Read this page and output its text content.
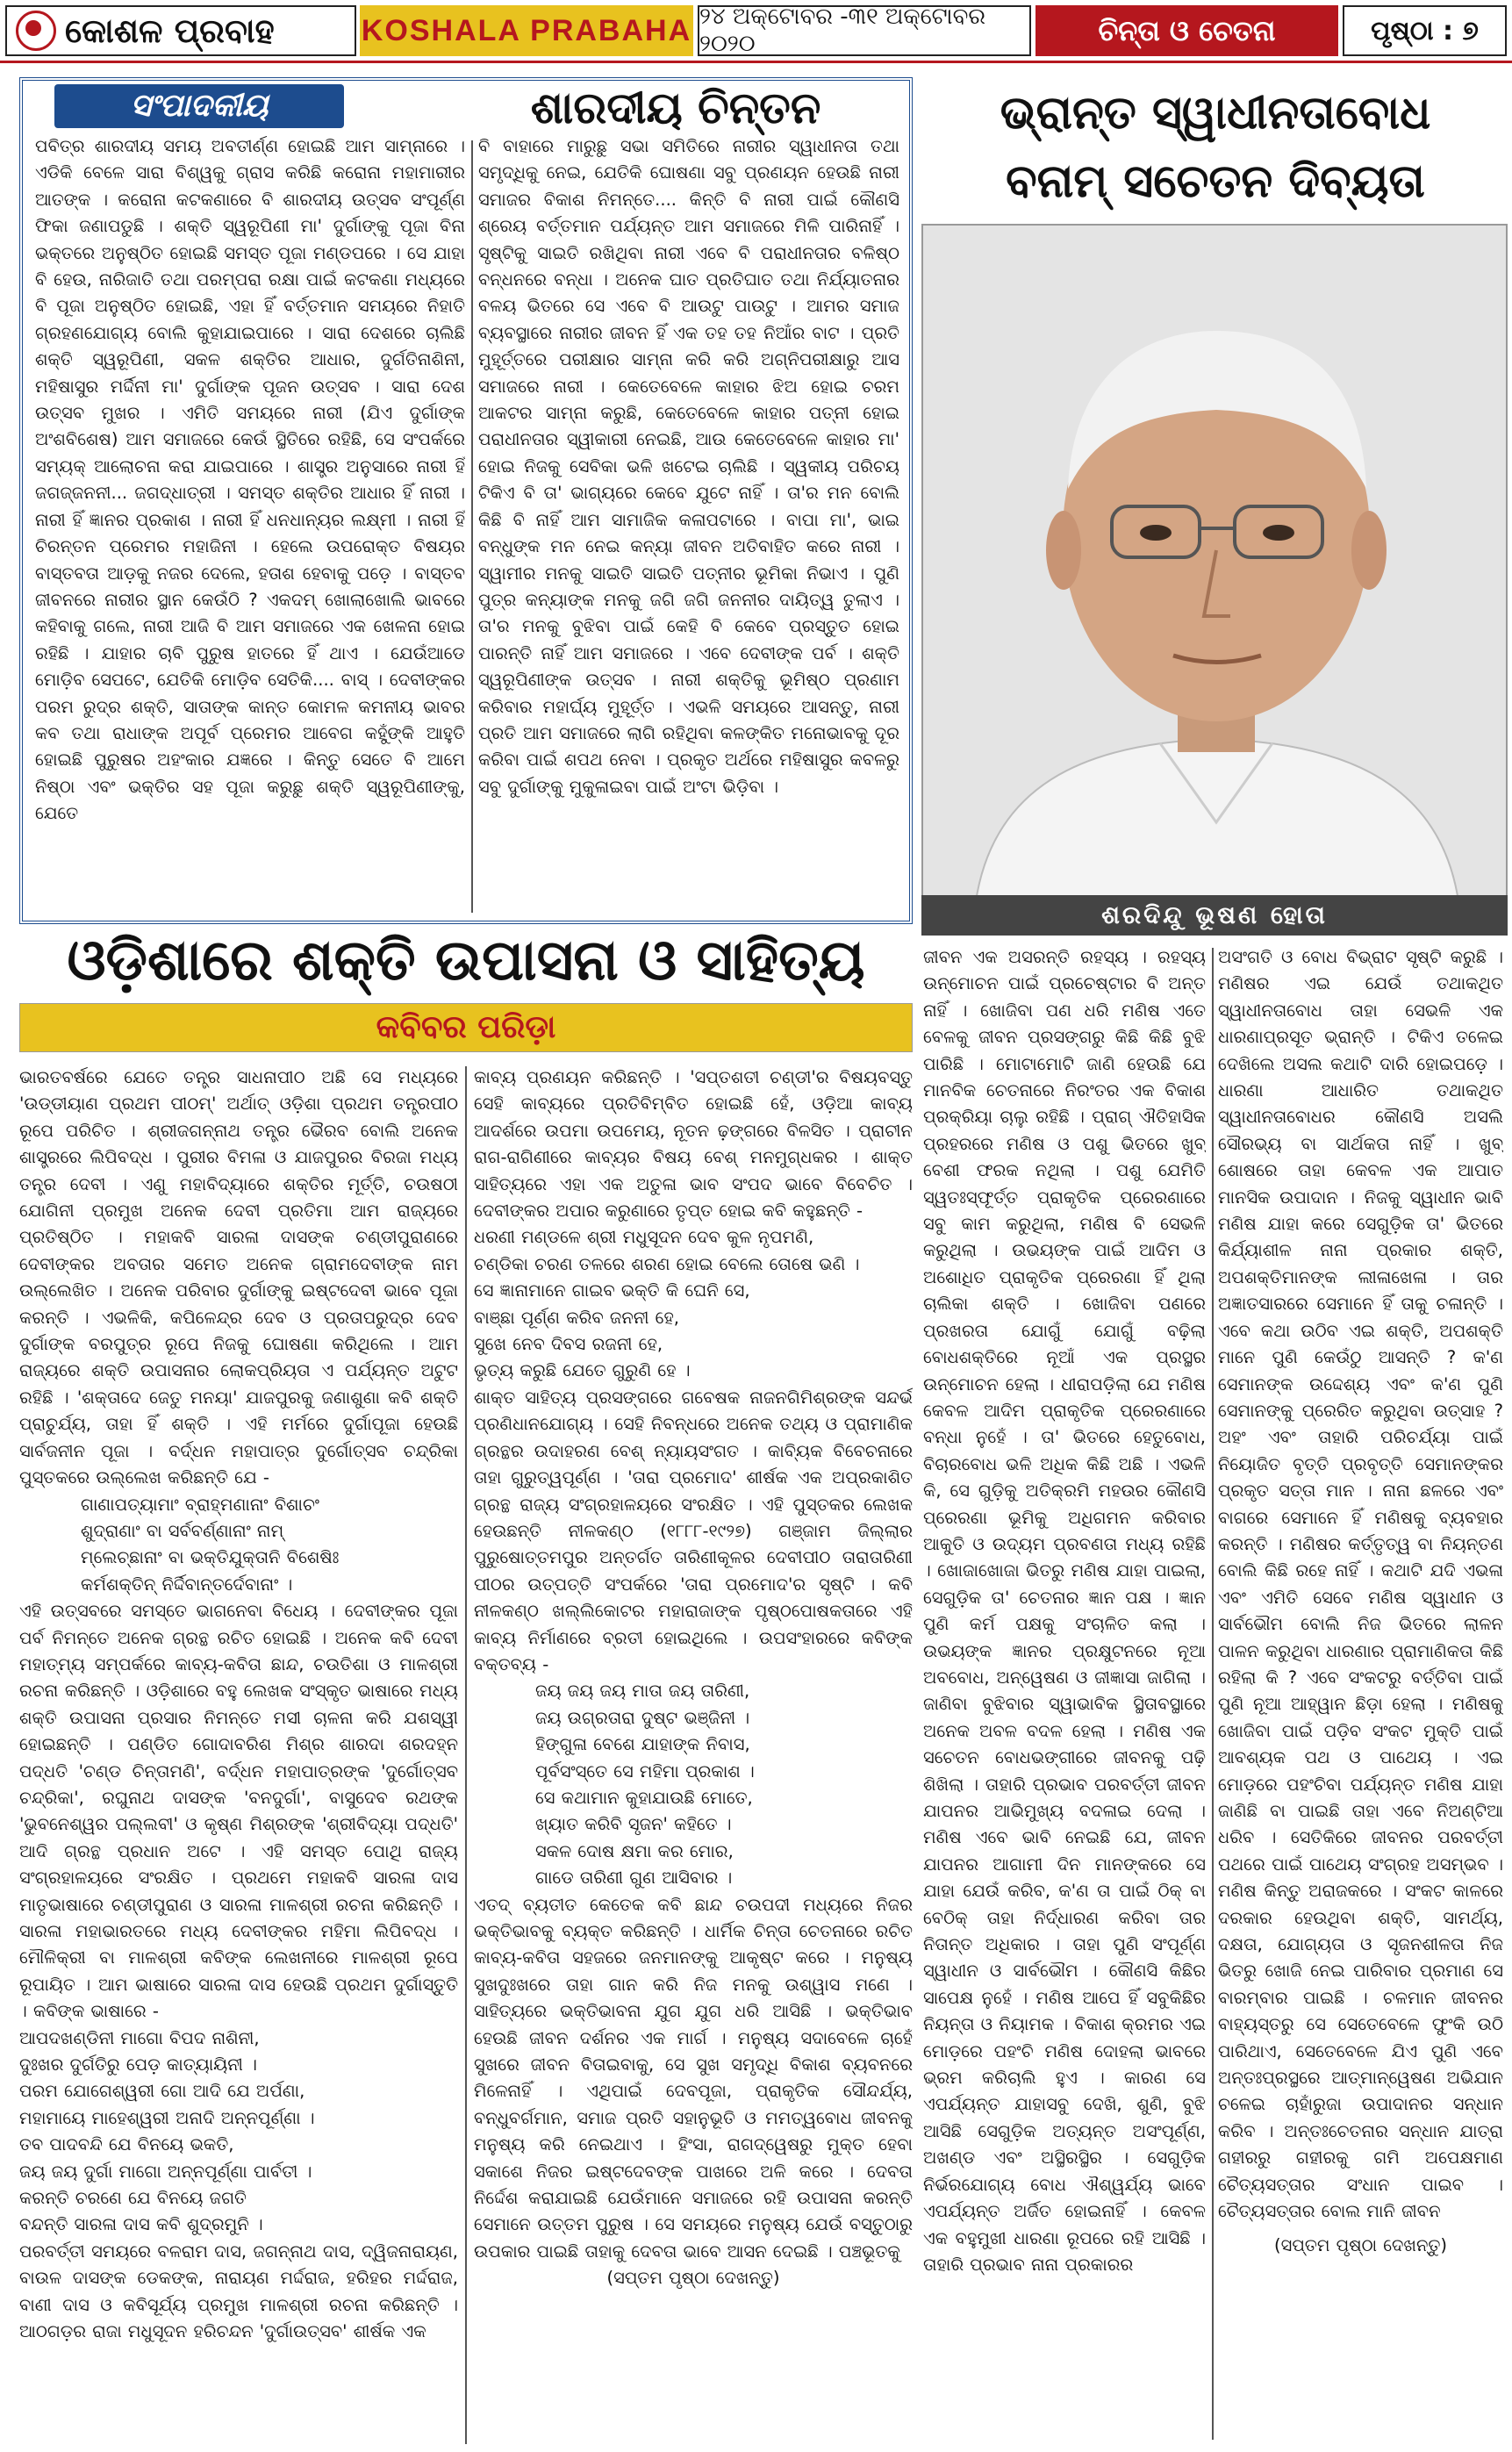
କୋଶଳ ପ୍ରବାହ	KOSHALA PRABAHA ୨୪ ଅକ୍ଟୋବର -୩୧ ଅକ୍ଟୋବର ୨୦୨୦	ଚିନ୍ତା ଓ ଚେତନା	ପୃଷ୍ଠା : ୭
ସଂପାଦକୀୟ	ଶାରଦୀୟ ଚିନ୍ତନ
ପବିତ୍ର ଶାରଦୀୟ ସମୟ ଅବତୀର୍ଣ୍ଣ ହୋଇଛି ଆମ ସାମ୍ନାରେ । ଏଡିକି ବେଳେ ସାରା ବିଶ୍ୱକୁ ଗ୍ରାସ କରିଛି କରୋନା ମହାମାରୀର ଆତଙ୍କ । କରୋନା କଟକଣାରେ ବି ଶାରଦୀୟ ଉତ୍ସବ ସଂପୂର୍ଣ୍ଣ ଫିକା ଜଣାପଡୁଛି । ଶକ୍ତି ସ୍ୱରୂପିଣୀ ମା' ଦୁର୍ଗାଙ୍କୁ ପୂଜା ବିନା ଭକ୍ତରେ ଅନୁଷ୍ଠିତ ହୋଇଛି ସମସ୍ତ ପୂଜା ମଣ୍ଡପରେ । ସେ ଯାହା ବି ହେଉ, ନାରିଜାତି ତଥା ପରମ୍ପରା ରକ୍ଷା ପାଇଁ କଟକଣା ମଧ୍ୟରେ ବି ପୂଜା ଅନୁଷ୍ଠିତ ହୋଇଛି, ଏହା ହିଁ ବର୍ତ୍ତମାନ ସମୟରେ ନିହାତି ଗ୍ରହଣଯୋଗ୍ୟ ବୋଲି କୁହାଯାଇପାରେ । ସାରା ଦେଶରେ ଚାଲିଛି ଶକ୍ତି ସ୍ୱରୂପିଣୀ, ସକଳ ଶକ୍ତିର ଆଧାର, ଦୁର୍ଗତିନାଶିନୀ, ମହିଷାସୁର ମର୍ଦ୍ଦିନୀ ମା' ଦୁର୍ଗାଙ୍କ ପୂଜନ ଉତ୍ସବ । ସାରା ଦେଶ ଉତ୍ସବ ମୁଖର । ଏମିତି ସମୟରେ ନାରୀ (ଯିଏ ଦୁର୍ଗାଙ୍କ ଅଂଶବିଶେଷ) ଆମ ସମାଜରେ କେଉଁ ସ୍ଥିତିରେ ରହିଛି, ସେ ସଂପର୍କରେ ସମ୍ୟକ୍ ଆଲୋଚନା କରା ଯାଇପାରେ । ଶାସ୍ତ୍ର ଅନୁସାରେ ନାରୀ ହିଁ ଜଗଜ୍ଜନନୀ... ଜଗଦ୍ଧାତ୍ରୀ । ସମସ୍ତ ଶକ୍ତିର ଆଧାର ହିଁ ନାରୀ । ନାରୀ ହିଁ ଜ୍ଞାନର ପ୍ରକାଶ । ନାରୀ ହିଁ ଧନଧାନ୍ୟର ଲକ୍ଷ୍ମୀ । ନାରୀ ହିଁ ଚିରନ୍ତନ ପ୍ରେମର ମହାଜିନୀ । ହେଲେ ଉପରୋକ୍ତ ବିଷୟର ବାସ୍ତବତା ଆଡ଼କୁ ନଜର ଦେଲେ, ହତାଶ ହେବାକୁ ପଡ଼େ । ବାସ୍ତବ ଜୀବନରେ ନାରୀର ସ୍ଥାନ କେଉଁଠି ? ଏକଦମ୍ ଖୋଲାଖୋଲି ଭାବରେ କହିବାକୁ ଗଲେ, ନାରୀ ଆଜି ବି ଆମ ସମାଜରେ ଏକ ଖେଳନା ହୋଇ ରହିଛି । ଯାହାର ଚାବି ପୁରୁଷ ହାତରେ ହିଁ ଥାଏ । ଯେଉଁଆଡେ ମୋଡ଼ିବ ସେପଟେ, ଯେତିକି ମୋଡ଼ିବ ସେତିକି.... ବାସ୍ । ଦେବୀଙ୍କର ପରମ ରୁଦ୍ର ଶକ୍ତି, ସାତାଙ୍କ କାନ୍ତ କୋମଳ କମନୀୟ ଭାବର କବ ତଥା ରାଧାଙ୍କ ଅପୂର୍ବ ପ୍ରେମର ଆବେଗ କହୁଁଙ୍କି ଆହୁତି ହୋଇଛି ପୁରୁଷର ଅହଂକାର ଯଜ୍ଞରେ । କିନ୍ତୁ ସେତେ ବି ଆମେ ନିଷ୍ଠା ଏବଂ ଭକ୍ତିର ସହ ପୂଜା କରୁଛୁ ଶକ୍ତି ସ୍ୱରୂପିଣୀଙ୍କୁ, ଯେତେ
ବି ବାହାରେ ମାରୁଛୁ ସଭା ସମିତିରେ ନାରୀର ସ୍ୱାଧୀନତା ତଥା ସମୃଦ୍ଧିକୁ ନେଇ, ଯେତିକି ଘୋଷଣା ସବୁ ପ୍ରଣୟନ ହେଉଛି ନାରୀ ସମାଜର ବିକାଶ ନିମନ୍ତେ.... କିନ୍ତି ବି ନାରୀ ପାଇଁ କୌଣସି ଶ୍ରେୟ ବର୍ତ୍ତମାନ ପର୍ଯ୍ୟନ୍ତ ଆମ ସମାଜରେ ମିଳି ପାରିନାହିଁ । ସୃଷ୍ଟିକୁ ସାଇତି ରଖିଥିବା ନାରୀ ଏବେ ବି ପରାଧୀନତାର ବଳିଷ୍ଠ ବନ୍ଧନରେ ବନ୍ଧା । ଅନେକ ଘାତ ପ୍ରତିଘାତ ତଥା ନିର୍ଯ୍ୟାତନାର ବଳୟ ଭିତରେ ସେ ଏବେ ବି ଆଉଟୁ ପାଉଟୁ । ଆମର ସମାଜ ବ୍ୟବସ୍ଥାରେ ନାରୀର ଜୀବନ ହିଁ ଏକ ତହ ତହ ନିଆଁର ବାଟ । ପ୍ରତି ମୁହୂର୍ତ୍ତରେ ପରୀକ୍ଷାର ସାମ୍ନା କରି କରି ଅଗ୍ନିପରୀକ୍ଷାରୁ ଆସ ସମାଜରେ ନାରୀ । କେତେବେଳେ କାହାର ଝିଅ ହୋଇ ଚରମ ଆକଟର ସାମ୍ନା କରୁଛି, କେତେବେଳେ କାହାର ପତ୍ନୀ ହୋଇ ପରାଧୀନତାର ସ୍ୱୀକାରୀ ନେଇଛି, ଆଉ କେତେବେଳେ କାହାର ମା' ହୋଇ ନିଜକୁ ସେବିକା ଭଳି ଖଟେଇ ଚାଲିଛି । ସ୍ୱକୀୟ ପରିଚୟ ଟିକିଏ ବି ତା' ଭାଗ୍ୟରେ କେବେ ଯୁଟେ ନାହିଁ । ତା'ର ମନ ବୋଲି କିଛି ବି ନାହିଁ ଆମ ସାମାଜିକ କଳାପଟାରେ । ବାପା ମା', ଭାଇ ବନ୍ଧୁଙ୍କ ମନ ନେଇ କନ୍ୟା ଜୀବନ ଅତିବାହିତ କରେ ନାରୀ । ସ୍ୱାମୀର ମନକୁ ସାଇତି ସାଇତି ପତ୍ନୀର ଭୂମିକା ନିଭାଏ । ପୁଣି ପୁତ୍ର କନ୍ୟାଙ୍କ ମନକୁ ଜଗି ଜଗି ଜନନୀର ଦାୟିତ୍ୱ ତୁଲାଏ । ତା'ର ମନକୁ ବୁଝିବା ପାଇଁ କେହି ବି କେବେ ପ୍ରସ୍ତୁତ ହୋଇ ପାରନ୍ତି ନାହିଁ ଆମ ସମାଜରେ । ଏବେ ଦେବୀଙ୍କ ପର୍ବ । ଶକ୍ତି ସ୍ୱରୂପିଣୀଙ୍କ ଉତ୍ସବ । ନାରୀ ଶକ୍ତିକୁ ଭୂମିଷ୍ଠ ପ୍ରଣାମ କରିବାର ମହାର୍ଘ୍ୟ ମୁହୂର୍ତ୍ତ । ଏଭଳି ସମୟରେ ଆସନ୍ତୁ, ନାରୀ ପ୍ରତି ଆମ ସମାଜରେ ଲାଗି ରହିଥିବା କଳଙ୍କିତ ମନୋଭାବକୁ ଦୂର କରିବା ପାଇଁ ଶପଥ ନେବା । ପ୍ରକୃତ ଅର୍ଥରେ ମହିଷାସୁର କବଳରୁ ସବୁ ଦୁର୍ଗାଙ୍କୁ ମୁକୁଳାଇବା ପାଇଁ ଅଂଟା ଭିଡ଼ିବା ।
ଭ୍ରାନ୍ତ ସ୍ୱାଧୀନତାବୋଧ
ବନାମ୍ ସଚେତନ ଦିବ୍ୟତା
ଶରଦିନ୍ଦୁ ଭୂଷଣ ହୋତା
ଜୀବନ ଏକ ଅସରନ୍ତି ରହସ୍ୟ । ରହସ୍ୟ ଉନ୍ମୋଚନ ପାଇଁ ପ୍ରଚେଷ୍ଟାର ବି ଅନ୍ତ ନାହିଁ । ଖୋଜିବା ପଣ ଧରି ମଣିଷ ଏତେ ବେଳକୁ ଜୀବନ ପ୍ରସଙ୍ଗରୁ କିଛି କିଛି ବୁଝି ପାରିଛି । ମୋଟାମୋଟି ଜାଣି ହେଉଛି ଯେ ମାନବିକ ଚେତନାରେ ନିରଂତର ଏକ ବିକାଶ ପ୍ରକ୍ରିୟା ଚାଲୁ ରହିଛି । ପ୍ରାଗ୍ ଐତିହାସିକ ପ୍ରହରରେ ମଣିଷ ଓ ପଶୁ ଭିତରେ ଖୁବ୍ ବେଶୀ ଫରକ ନଥିଲା । ପଶୁ ଯେମିତି ସ୍ୱତଃସ୍ଫୂର୍ତ୍ତ ପ୍ରାକୃତିକ ପ୍ରେରଣାରେ ସବୁ କାମ କରୁଥିଲା, ମଣିଷ ବି ସେଭଳି କରୁଥିଲା । ଉଭୟଙ୍କ ପାଇଁ ଆଦିମ ଓ ଅଶୋଧିତ ପ୍ରାକୃତିକ ପ୍ରେରଣା ହିଁ ଥିଲା ଚାଲିକା ଶକ୍ତି । ଖୋଜିବା ପଣରେ ପ୍ରଖରତା ଯୋଗୁଁ ଯୋଗୁଁ ବଢ଼ିଲା ବୋଧଶକ୍ତିରେ ନୂଆଁ ଏକ ପ୍ରସ୍ଥର ଉନ୍ମୋଚନ ହେଲା । ଧୀରାପଡ଼ିଲା ଯେ ମଣିଷ କେବଳ ଆଦିମ ପ୍ରାକୃତିକ ପ୍ରେରଣାରେ ବନ୍ଧା ନୁହେଁ । ତା' ଭିତରେ ହେତୁବୋଧ, ବିଚାରବୋଧ ଭଳି ଅଧିକ କିଛି ଅଛି । ଏଭଳି କି, ସେ ଗୁଡ଼ିକୁ ଅତିକ୍ରମି ମହଉର କୌଣସି ପ୍ରେରଣା ଭୂମିକୁ ଅଧିଗମନ କରିବାର ଆକୁତି ଓ ଉଦ୍ୟମ ପ୍ରବଣତା ମଧ୍ୟ ରହିଛି । ଖୋଜାଖୋଜା ଭିତରୁ ମଣିଷ ଯାହା ପାଇଲା, ସେଗୁଡ଼ିକ ତା' ଚେତନାର ଜ୍ଞାନ ପକ୍ଷ । ଜ୍ଞାନ ପୁଣି କର୍ମ ପକ୍ଷକୁ ସଂଚାଳିତ କଲା । ଉଭୟଙ୍କ ଜ୍ଞାନର ପ୍ରକ୍ଷୁଟନରେ ନୂଆ ଅବବୋଧ, ଅନ୍ୱେଷଣ ଓ ଜୀଜ୍ଞାସା ଜାଗିଲା । ଜାଣିବା ବୁଝିବାର ସ୍ୱାଭାବିକ ସ୍ଥିତାବସ୍ଥାରେ ଅନେକ ଅବଳ ବଦଳ ହେଲା । ମଣିଷ ଏକ ସଚେତନ ବୋଧଭଙ୍ଗୀରେ ଜୀବନକୁ ପଢ଼ି ଶିଖିଲା । ତାହାରି ପ୍ରଭାବ ପରବର୍ତ୍ତୀ ଜୀବନ ଯାପନର ଆଭିମୁଖ୍ୟ ବଦଳାଇ ଦେଲା । ମଣିଷ ଏବେ ଭାବି ନେଇଛି ଯେ, ଜୀବନ ଯାପନର ଆଗାମୀ ଦିନ ମାନଙ୍କରେ ସେ ଯାହା ଯେଉଁ କରିବ, କ'ଣ ତା ପାଇଁ ଠିକ୍ ବା ବେଠିକ୍ ତାହା ନିର୍ଦ୍ଧାରଣ କରିବା ତାର ନିତାନ୍ତ ଅଧିକାର । ତାହା ପୁଣି ସଂପୂର୍ଣ୍ଣ ସ୍ୱାଧୀନ ଓ ସାର୍ବଭୌମ । କୌଣସି କିଛିର ସାପେକ୍ଷ ନୁହେଁ । ମଣିଷ ଆପେ ହିଁ ସବୁକିଛିର ନିୟନ୍ତା ଓ ନିୟାମକ । ବିକାଶ କ୍ରମର ଏଇ ମୋଡ଼ରେ ପହଂଚି ମଣିଷ ଦୋହଲା ଭାବରେ ଭ୍ରମ କରିଚାଲି ହୁଏ । କାରଣ ସେ ଏପର୍ଯ୍ୟନ୍ତ ଯାହାସବୁ ଦେଖି, ଶୁଣି, ବୁଝି ଆସିଛି ସେଗୁଡ଼ିକ ଅତ୍ୟନ୍ତ ଅସଂପୂର୍ଣ୍ଣ, ଅଖଣ୍ଡ ଏବଂ ଅସ୍ଥିରସ୍ଥିର । ସେଗୁଡ଼ିକ ନିର୍ଭରଯୋଗ୍ୟ ବୋଧ ଐଶ୍ୱର୍ଯ୍ୟ ଭାବେ ଏପର୍ଯ୍ୟନ୍ତ ଅର୍ଜିତ ହୋଇନାହିଁ । କେବଳ ଏକ ବହୁମୁଖୀ ଧାରଣା ରୂପରେ ରହି ଆସିଛି । ତାହାରି ପ୍ରଭାବ ନାନା ପ୍ରକାରର
ଅସଂଗତି ଓ ବୋଧ ବିଭ୍ରାଟ ସୃଷ୍ଟି କରୁଛି । ମଣିଷର ଏଇ ଯେଉଁ ତଥାକଥିତ ସ୍ୱାଧୀନତାବୋଧ ତାହା ସେଭଳି ଏକ ଧାରଣାପ୍ରସୂତ ଭ୍ରାନ୍ତି । ଟିକିଏ ତଳେଇ ଦେଖିଲେ ଅସଲ କଥାଟି ଦାରି ହୋଇପଡ଼େ । ଧାରଣା ଆଧାରିତ ତଥାକଥିତ ସ୍ୱାଧୀନତାବୋଧର କୌଣସି ଅସଲି ସୌରଭ୍ୟ ବା ସାର୍ଥକତା ନାହିଁ । ଖୁବ୍ ଶୋଷରେ ତାହା କେବଳ ଏକ ଆପାତ ମାନସିକ ଉପାଦାନ । ନିଜକୁ ସ୍ୱାଧୀନ ଭାବି ମଣିଷ ଯାହା କରେ ସେଗୁଡ଼ିକ ତା' ଭିତରେ କିର୍ଯ୍ୟାଶୀଳ ନାନା ପ୍ରକାର ଶକ୍ତି, ଅପଶକ୍ତିମାନଙ୍କ ଲୀଳାଖେଳା । ତାର ଅଜ୍ଞାତସାରରେ ସେମାନେ ହିଁ ତାକୁ ଚଳାନ୍ତି । ଏବେ କଥା ଉଠିବ ଏଇ ଶକ୍ତି, ଅପଶକ୍ତି ମାନେ ପୁଣି କେଉଁଠୁ ଆସନ୍ତି ? କ'ଣ ସେମାନଙ୍କ ଉଦ୍ଦେଶ୍ୟ ଏବଂ କ'ଣ ପୁଣି ସେମାନଙ୍କୁ ପ୍ରେରିତ କରୁଥିବା ଉତ୍ସାହ ? ଅହଂ ଏବଂ ତାହାରି ପରିଚର୍ଯ୍ୟା ପାଇଁ ନିୟୋଜିତ ବୃତ୍ତି ପ୍ରବୃତ୍ତି ସେମାନଙ୍କର ପ୍ରକୃତ ସତ୍ତା ମାନ । ନାନା ଛଳରେ ଏବଂ ବାଗରେ ସେମାନେ ହିଁ ମଣିଷକୁ ବ୍ୟବହାର କରନ୍ତି । ମଣିଷର କର୍ତ୍ତୃତ୍ୱ ବା ନିୟନ୍ତଣ ବୋଲି କିଛି ରହେ ନାହିଁ । କଥାଟି ଯଦି ଏଭଳା ଏବଂ ଏମିତି ସେବେ ମଣିଷ ସ୍ୱାଧୀନ ଓ ସାର୍ବଭୌମ ବୋଲି ନିଜ ଭିତରେ ଲାଳନ ପାଳନ କରୁଥିବା ଧାରଣାର ପ୍ରାମାଣିକତା କିଛି ରହିଲା କି ? ଏବେ ସଂକଟରୁ ବର୍ତ୍ତିବା ପାଇଁ ପୁଣି ନୂଆ ଆହ୍ୱାନ ଛିଡ଼ା ହେଲା । ମଣିଷକୁ ଖୋଜିବା ପାଇଁ ପଡ଼ିବ ସଂକଟ ମୁକ୍ତି ପାଇଁ ଆବଶ୍ୟକ ପଥ ଓ ପାଥେୟ । ଏଇ ମୋଡ଼ରେ ପହଂଚିବା ପର୍ଯ୍ୟନ୍ତ ମଣିଷ ଯାହା ଜାଣିଛି ବା ପାଇଛି ତାହା ଏବେ ନିଅଣ୍ଟିଆ ଧରିବ । ସେତିକିରେ ଜୀବନର ପରବର୍ତ୍ତୀ ପଥରେ ପାଇଁ ପାଥେୟ ସଂଗ୍ରହ ଅସମ୍ଭବ । ମଣିଷ କିନ୍ତୁ ଅରାଜକରେ । ସଂକଟ କାଳରେ ଦରକାର ହେଉଥିବା ଶକ୍ତି, ସାମର୍ଥ୍ୟ, ଦକ୍ଷତା, ଯୋଗ୍ୟତା ଓ ସୃଜନଶୀଳତା ନିଜ ଭିତରୁ ଖୋଜି ନେଇ ପାରିବାର ପ୍ରମାଣ ସେ ବାରମ୍ବାର ପାଇଛି । ଚଳମାନ ଜୀବନର ବାହ୍ୟସ୍ତରୁ ସେ ସେତେବେଳେ ଫୁଂକି ଉଠି ପାରିଥାଏ, ସେତେବେଳେ ଯିଏ ପୁଣି ଏବେ ଅନ୍ତଃପ୍ରସ୍ଥରେ ଆତ୍ମାନ୍ୱେଷଣ ଅଭିଯାନ ଚଳେଇ ଚାହାଁରୁଜା ଉପାଦାନର ସନ୍ଧାନ କରିବ । ଅନ୍ତଃଚେତନାର ସନ୍ଧାନ ଯାତ୍ରା ଗହୀରରୁ ଗହୀରକୁ ଗମି ଅପେକ୍ଷମାଣ ଚୈତ୍ୟସତ୍ତାର ସଂଧାନ ପାଇବ । ଚୈତ୍ୟସତ୍ତାର ବୋଲ ମାନି ଜୀବନ
(ସପ୍ତମ ପୃଷ୍ଠା ଦେଖନ୍ତୁ)
ଓଡ଼ିଶାରେ ଶକ୍ତି ଉପାସନା ଓ ସାହିତ୍ୟ
କବିବର ପରିଡ଼ା
ଭାରତବର୍ଷରେ ଯେତେ ତନ୍ତ୍ର ସାଧନାପୀଠ ଅଛି ସେ ମଧ୍ୟରେ 'ଉଡ୍ଡୀୟାଣ ପ୍ରଥମ ପୀଠମ୍' ଅର୍ଥାତ୍ ଓଡ଼ିଶା ପ୍ରଥମ ତନ୍ତ୍ରପୀଠ ରୂପେ ପରିଚିତ । ଶ୍ରୀଜଗନ୍ନାଥ ତନ୍ତ୍ର ଭୈରବ ବୋଲି ଅନେକ ଶାସ୍ତ୍ରରେ ଲିପିବଦ୍ଧ । ପୁରୀର ବିମଳା ଓ ଯାଜପୁରର ବିରଜା ମଧ୍ୟ ତନ୍ତ୍ର ଦେବୀ । ଏଣୁ ମହାବିଦ୍ୟାରେ ଶକ୍ତିର ମୂର୍ତ୍ତି, ଚଉଷଠୀ ଯୋଗିନୀ ପ୍ରମୁଖ ଅନେକ ଦେବୀ ପ୍ରତିମା ଆମ ରାଜ୍ୟରେ ପ୍ରତିଷ୍ଠିତ । ମହାକବି ସାରଳା ଦାସଙ୍କ ଚଣ୍ଡୀପୁରାଣରେ ଦେବୀଙ୍କର ଅବତାର ସମେତ ଅନେକ ଗ୍ରାମଦେବୀଙ୍କ ନାମ ଉଲ୍ଲେଖିତ । ଅନେକ ପରିବାର ଦୁର୍ଗାଙ୍କୁ ଇଷ୍ଟଦେବୀ ଭାବେ ପୂଜା କରନ୍ତି । ଏଭଳିକି, କପିଳେନ୍ଦ୍ର ଦେବ ଓ ପ୍ରତାପରୁଦ୍ର ଦେବ ଦୁର୍ଗାଙ୍କ ବରପୁତ୍ର ରୂପେ ନିଜକୁ ଘୋଷଣା କରିଥିଲେ । ଆମ ରାଜ୍ୟରେ ଶକ୍ତି ଉପାସନାର ଲୋକପ୍ରିୟତା ଏ ପର୍ଯ୍ୟନ୍ତ ଅଟୁଟ ରହିଛି । 'ଶକ୍ତାଦେ ଜେତୁ ମନୟା' ଯାଜପୁରକୁ ଜଣାଶୁଣା କବି ଶକ୍ତି ପ୍ରାଚୁର୍ଯ୍ୟ, ତାହା ହିଁ ଶକ୍ତି । ଏହି ମର୍ମରେ ଦୁର୍ଗାପୂଜା ହେଉଛି ସାର୍ବଜନୀନ ପୂଜା । ବର୍ଦ୍ଧନ ମହାପାତ୍ର ଦୁର୍ଗୋତ୍ସବ ଚନ୍ଦ୍ରିକା ପୁସ୍ତକରେ ଉଲ୍ଲେଖ କରିଛନ୍ତି ଯେ -
ଗାଣାପତ୍ୟାମାଂ ବ୍ରାହ୍ମଣାନାଂ ବିଶାଚଂ
ଶୁଦ୍ରାଣାଂ ବା ସର୍ବବର୍ଣ୍ଣାନାଂ ନାମ୍
ମ୍ଲେଚ୍ଛାନାଂ ବା ଭକ୍ତିଯୁକ୍ତାନି ବିଶେଷିଃ
କର୍ମଶକ୍ତିନ୍ ନିର୍ଦ୍ଦିବାନ୍ତର୍ଦେବାନାଂ ।
ଏହି ଉତ୍ସବରେ ସମସ୍ତେ ଭାଗନେବା ବିଧେୟ । ଦେବୀଙ୍କର ପୂଜା ପର୍ବ ନିମନ୍ତେ ଅନେକ ଗ୍ରନ୍ଥ ରଚିତ ହୋଇଛି । ଅନେକ କବି ଦେବୀ ମହାତ୍ମ୍ୟ ସମ୍ପର୍କରେ କାବ୍ୟ-କବିତା ଛାନ୍ଦ, ଚଉତିଶା ଓ ମାଳଶ୍ରୀ ରଚନା କରିଛନ୍ତି । ଓଡ଼ିଶାରେ ବହୁ ଲେଖକ ସଂସ୍କୃତ ଭାଷାରେ ମଧ୍ୟ ଶକ୍ତି ଉପାସନା ପ୍ରସାର ନିମନ୍ତେ ମସୀ ଚାଳନା କରି ଯଶସ୍ୱୀ ହୋଇଛନ୍ତି । ପଣ୍ଡିତ ଗୋଦାବରିଶ ମିଶ୍ର ଶାରଦା ଶରଦହ୍ନ ପଦ୍ଧତି 'ଚଣ୍ଡ ଚିନ୍ତାମଣି', ବର୍ଦ୍ଧନ ମହାପାତ୍ରଙ୍କ 'ଦୁର୍ଗୋତ୍ସବ ଚନ୍ଦ୍ରିକା', ରଘୁନାଥ ଦାସଙ୍କ 'ବନଦୁର୍ଗା', ବାସୁଦେବ ରଥଙ୍କ 'ଭୁବନେଶ୍ୱର ପଲ୍ଲବୀ' ଓ କୃଷ୍ଣ ମିଶ୍ରଙ୍କ 'ଶ୍ରୀବିଦ୍ୟା ପଦ୍ଧତି' ଆଦି ଗ୍ରନ୍ଥ ପ୍ରଧାନ ଅଟେ । ଏହି ସମସ୍ତ ପୋଥି ରାଜ୍ୟ ସଂଗ୍ରହାଳୟରେ ସଂରକ୍ଷିତ । ପ୍ରଥମେ ମହାକବି ସାରଳା ଦାସ ମାତୃଭାଷାରେ ଚଣ୍ଡୀପୁରାଣ ଓ ସାରଳା ମାଳଶ୍ରୀ ରଚନା କରିଛନ୍ତି । ସାରଳା ମହାଭାରତରେ ମଧ୍ୟ ଦେବୀଙ୍କର ମହିମା ଲିପିବଦ୍ଧ । ମୌଳିକ୍ରୀ ବା ମାଳଶ୍ରୀ କବିଙ୍କ ଲେଖନୀରେ ମାଳଶ୍ରୀ ରୂପେ ରୂପାୟିତ । ଆମ ଭାଷାରେ ସାରଳା ଦାସ ହେଉଛି ପ୍ରଥମ ଦୁର୍ଗାସ୍ତୁତି । କବିଙ୍କ ଭାଷାରେ -
ଆପଦଖଣ୍ଡିନୀ ମାଗୋ ବିପଦ ନାଶିନୀ,
ଦୁଃଖର ଦୁର୍ଗତିରୁ ପେଡ଼ କାତ୍ୟାୟିନୀ ।
ପରମ ଯୋଗେଶ୍ୱରୀ ଗୋ ଆଦି ଯେ ଅର୍ପଣା,
ମହାମାୟେ ମାହେଶ୍ୱରୀ ଅନାଦି ଅନ୍ନପୂର୍ଣ୍ଣା ।
ତବ ପାଦବନ୍ଦି ଯେ ବିନୟେ ଭକତି,
ଜୟ ଜୟ ଦୁର୍ଗା ମାଗୋ ଅନ୍ନପୂର୍ଣ୍ଣା ପାର୍ବତୀ ।
କରନ୍ତି ଚରଣେ ଯେ ବିନୟେ ଜଗତି
ବନ୍ଦନ୍ତି ସାରଳା ଦାସ କବି ଶୁଦ୍ରମୁନି ।
ପରବର୍ତ୍ତୀ ସମୟରେ ବଳରାମ ଦାସ, ଜଗନ୍ନାଥ ଦାସ, ଦ୍ୱିଜନାରାୟଣ, ବାଉଳ ଦାସଙ୍କ ଡେକଙ୍କ, ନାରାୟଣ ମର୍ଦ୍ଦରାଜ, ହରିହର ମର୍ଦ୍ଦରାଜ, ବାଣୀ ଦାସ ଓ କବିସୂର୍ଯ୍ୟ ପ୍ରମୁଖ ମାଳଶ୍ରୀ ରଚନା କରିଛନ୍ତି । ଆଠଗଡ଼ର ରାଜା ମଧୁସୂଦନ ହରିଚନ୍ଦନ 'ଦୁର୍ଗାଉତ୍ସବ' ଶୀର୍ଷକ ଏକ
କାବ୍ୟ ପ୍ରଣୟନ କରିଛନ୍ତି । 'ସପ୍ତଶତୀ ଚଣ୍ଡୀ'ର ବିଷୟବସ୍ତୁ ସେହି କାବ୍ୟରେ ପ୍ରତିବିମ୍ବିତ ହୋଇଛି ହେଁ, ଓଡ଼ିଆ କାବ୍ୟ ଆଦର୍ଶରେ ଉପମା ଉପମେୟ, ନୂତନ ଢ଼ଙ୍ଗରେ ବିଳସିତ । ପ୍ରାଚୀନ ରାଗ-ରାଗିଣୀରେ କାବ୍ୟର ବିଷୟ ବେଶ୍ ମନମୁଗ୍ଧକର । ଶାକ୍ତ ସାହିତ୍ୟରେ ଏହା ଏକ ଅତୁଳା ଭାବ ସଂପଦ ଭାବେ ବିବେଚିତ । ଦେବୀଙ୍କର ଅପାର କରୁଣାରେ ତୃପ୍ତ ହୋଇ କବି କହୁଛନ୍ତି -
ଧରଣୀ ମଣ୍ଡଳେ ଶ୍ରୀ ମଧୁସୂଦନ ଦେବ କୁଳ ନୃପମଣି,
ଚଣ୍ଡିକା ଚରଣ ତଳରେ ଶରଣ ହୋଇ ବେଲେ ତୋଷେ ଭଣି ।
ସେ ଜ୍ଞାନାମାନେ ଗାଇବ ଭକ୍ତି କି ଘେନି ସେ,
ବାଞ୍ଛା ପୂର୍ଣ୍ଣ କରିବ ଜନନୀ ହେ,
ସୁଖେ ନେବ ଦିବସ ରଜନୀ ହେ,
ଭୃତ୍ୟ କରୁଛି ଯେତେ ଗୁରୁଣି ହେ ।
ଶାକ୍ତ ସାହିତ୍ୟ ପ୍ରସଙ୍ଗରେ ଗବେଷକ ନାଜନଗିମିଶ୍ରଙ୍କ ସନ୍ଦର୍ଭ ପ୍ରଣିଧାନଯୋଗ୍ୟ । ସେହି ନିବନ୍ଧରେ ଅନେକ ତଥ୍ୟ ଓ ପ୍ରାମାଣିକ ଗ୍ରନ୍ଥର ଉଦାହରଣ ବେଶ୍ ନ୍ୟାୟସଂଗତ । କାବ୍ୟିକ ବିବେଚନାରେ ତାହା ଗୁରୁତ୍ୱପୂର୍ଣ୍ଣ । 'ତାରା ପ୍ରମୋଦ' ଶୀର୍ଷକ ଏକ ଅପ୍ରକାଶିତ ଗ୍ରନ୍ଥ ରାଜ୍ୟ ସଂଗ୍ରହାଳୟରେ ସଂରକ୍ଷିତ । ଏହି ପୁସ୍ତକର ଲେଖକ ହେଉଛନ୍ତି ନୀଳକଣ୍ଠ (୧୮୮୮-୧୯୨୭) ଗଞ୍ଜାମ ଜିଲ୍ଲାର ପୁରୁଷୋତ୍ତମପୁର ଅନ୍ତର୍ଗତ ତାରିଣୀକୂଳର ଦେବୀପୀଠ ତାରାତାରିଣୀ ପୀଠର ଉତ୍ପତ୍ତି ସଂପର୍କରେ 'ତାରା ପ୍ରମୋଦ'ର ସୃଷ୍ଟି । କବି ନୀଳକଣ୍ଠ ଖଲ୍ଲିକୋଟର ମହାରାଜାଙ୍କ ପୃଷ୍ଠପୋଷକତାରେ ଏହି କାବ୍ୟ ନିର୍ମାଣରେ ବ୍ରତୀ ହୋଇଥିଲେ । ଉପସଂହାରରେ କବିଙ୍କ ବକ୍ତବ୍ୟ -
ଜୟ ଜୟ ଜୟ ମାତା ଜୟ ତାରିଣୀ,
ଜୟ ଉଗ୍ରତାରା ଦୁଷ୍ଟ ଭଞ୍ଜିନୀ ।
ହିଙ୍ଗୁଳା ବେଶେ ଯାହାଙ୍କ ନିବାସ,
ପୂର୍ବସଂସ୍ତେ ସେ ମହିମା ପ୍ରକାଶ ।
ସେ କଥାମାନ କୁହାଯାଉଛି ମୋତେ,
ଖ୍ୟାତ କରିବି ସୃଜନ' କହିତେ ।
ସକଳ ଦୋଷ କ୍ଷମା କର ମୋର,
ଗାଡେ ତାରିଣୀ ଗୁଣ ଆସିବାର ।
ଏତଦ୍ ବ୍ୟତୀତ କେତେକ କବି ଛାନ୍ଦ ଚଉପଦୀ ମଧ୍ୟରେ ନିଜର ଭକ୍ତିଭାବକୁ ବ୍ୟକ୍ତ କରିଛନ୍ତି । ଧାର୍ମିକ ଚିନ୍ତା ଚେତନାରେ ରଚିତ କାବ୍ୟ-କବିତା ସହଜରେ ଜନମାନଙ୍କୁ ଆକୃଷ୍ଟ କରେ । ମନୁଷ୍ୟ ସୁଖଦୁଃଖରେ ତାହା ଗାନ କରି ନିଜ ମନକୁ ଉଶ୍ୱାସ ମଣେ । ସାହିତ୍ୟରେ ଭକ୍ତିଭାବନା ଯୁଗ ଯୁଗ ଧରି ଆସିଛି । ଭକ୍ତିଭାବ ହେଉଛି ଜୀବନ ଦର୍ଶନର ଏକ ମାର୍ଗ । ମନୁଷ୍ୟ ସଦାବେଳେ ଚାହେଁ ସୁଖରେ ଜୀବନ ବିତାଇବାକୁ, ସେ ସୁଖ ସମୃଦ୍ଧି ବିକାଶ ବ୍ୟବନରେ ମିଳେନାହିଁ । ଏଥିପାଇଁ ଦେବପୂଜା, ପ୍ରାକୃତିକ ସୌନ୍ଦର୍ଯ୍ୟ, ବନ୍ଧୁବର୍ଗମାନ, ସମାଜ ପ୍ରତି ସହାନୁଭୂତି ଓ ମମତ୍ୱବୋଧ ଜୀବନକୁ ମନୁଷ୍ୟ କରି ନେଇଥାଏ । ହିଂସା, ରାଗଦ୍ୱେଷରୁ ମୁକ୍ତ ହେବା ସକାଶେ ନିଜର ଇଷ୍ଟଦେବଙ୍କ ପାଖରେ ଅଳି କରେ । ଦେବତା ନିର୍ଦ୍ଦେଶ କରାଯାଇଛି ଯେଉଁମାନେ ସମାଜରେ ରହି ଉପାସନା କରନ୍ତି ସେମାନେ ଉତ୍ତମ ପୁରୁଷ । ସେ ସମୟରେ ମନୁଷ୍ୟ ଯେଉଁ ବସ୍ତୁଠାରୁ ଉପକାର ପାଇଛି ତାହାକୁ ଦେବତା ଭାବେ ଆସନ ଦେଇଛି । ପଞ୍ଚଭୂତକୁ
(ସପ୍ତମ ପୃଷ୍ଠା ଦେଖନ୍ତୁ)
